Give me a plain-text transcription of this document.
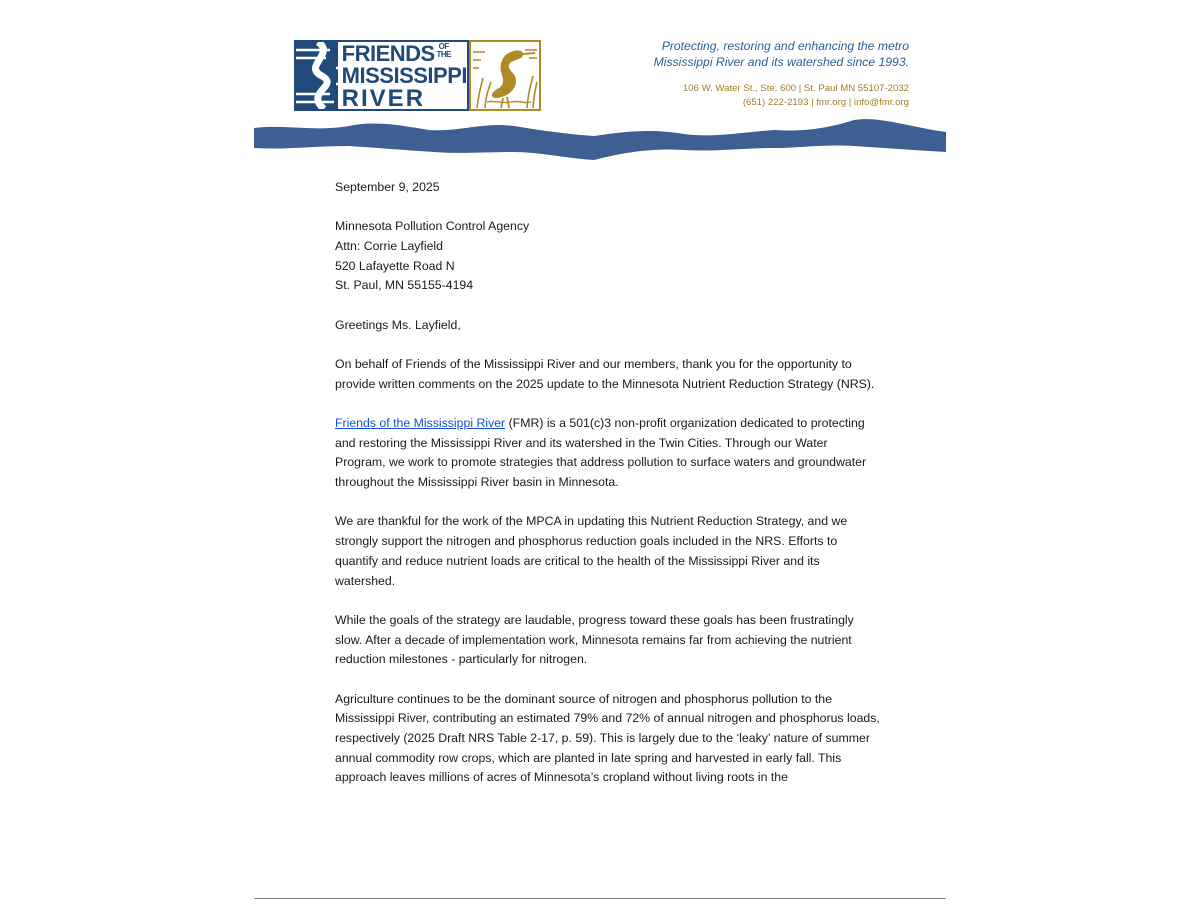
FRIENDS OF
THE
MISSISSIPPI
RIVER
Protecting, restoring and enhancing the metro
Mississippi River and its watershed since 1993.
106 W. Water St., Ste. 600 | St. Paul MN 55107-2032
(651) 222-2193 | fmr.org | info@fmr.org

September 9, 2025

Minnesota Pollution Control Agency
Attn: Corrie Layfield
520 Lafayette Road N
St. Paul, MN 55155-4194

Greetings Ms. Layfield,

On behalf of Friends of the Mississippi River and our members, thank you for the opportunity to provide written comments on the 2025 update to the Minnesota Nutrient Reduction Strategy (NRS).

Friends of the Mississippi River (FMR) is a 501(c)3 non-profit organization dedicated to protecting and restoring the Mississippi River and its watershed in the Twin Cities. Through our Water Program, we work to promote strategies that address pollution to surface waters and groundwater throughout the Mississippi River basin in Minnesota.

We are thankful for the work of the MPCA in updating this Nutrient Reduction Strategy, and we strongly support the nitrogen and phosphorus reduction goals included in the NRS. Efforts to quantify and reduce nutrient loads are critical to the health of the Mississippi River and its watershed.

While the goals of the strategy are laudable, progress toward these goals has been frustratingly slow. After a decade of implementation work, Minnesota remains far from achieving the nutrient reduction milestones - particularly for nitrogen.

Agriculture continues to be the dominant source of nitrogen and phosphorus pollution to the Mississippi River, contributing an estimated 79% and 72% of annual nitrogen and phosphorus loads, respectively (2025 Draft NRS Table 2-17, p. 59). This is largely due to the ‘leaky’ nature of summer annual commodity row crops, which are planted in late spring and harvested in early fall. This approach leaves millions of acres of Minnesota’s cropland without living roots in the
